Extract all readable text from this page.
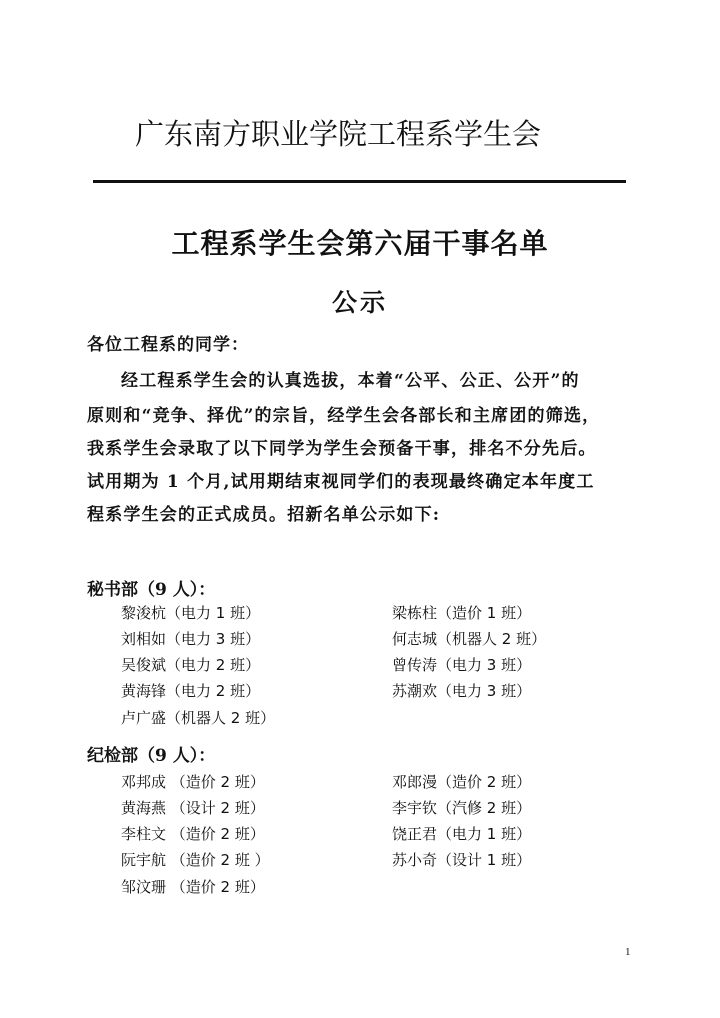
广东南方职业学院工程系学生会
工程系学生会第六届干事名单
公示
各位工程系的同学：
经工程系学生会的认真选拔，本着“公平、公正、公开”的
原则和“竞争、择优”的宗旨，经学生会各部长和主席团的筛选，
我系学生会录取了以下同学为学生会预备干事，排名不分先后。
试用期为 1 个月,试用期结束视同学们的表现最终确定本年度工
程系学生会的正式成员。招新名单公示如下:
秘书部（9 人）：
黎浚杭（电力 1 班）	梁栋柱（造价 1 班）
刘相如（电力 3 班）	何志城（机器人 2 班）
吴俊斌（电力 2 班）	曾传涛（电力 3 班）
黄海锋（电力 2 班）	苏潮欢（电力 3 班）
卢广盛（机器人 2 班）
纪检部（9 人）：
邓邦成 （造价 2 班）	邓郎漫（造价 2 班）
黄海燕 （设计 2 班）	李宇钦（汽修 2 班）
李柱文 （造价 2 班）	饶正君（电力 1 班）
阮宇航 （造价 2 班 ）	苏小奇（设计 1 班）
邹汶珊 （造价 2 班）
1
